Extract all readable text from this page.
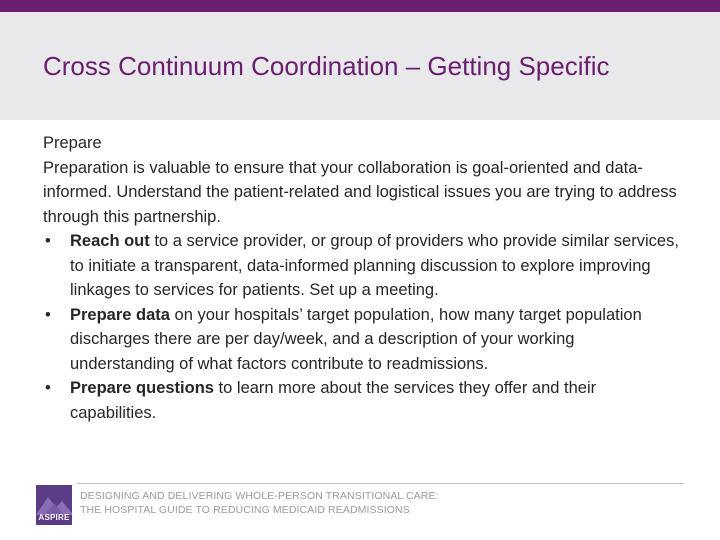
Cross Continuum Coordination – Getting Specific
Prepare

Preparation is valuable to ensure that your collaboration is goal-oriented and data-informed. Understand the patient-related and logistical issues you are trying to address through this partnership.

• Reach out to a service provider, or group of providers who provide similar services, to initiate a transparent, data-informed planning discussion to explore improving linkages to services for patients. Set up a meeting.
• Prepare data on your hospitals’ target population, how many target population discharges there are per day/week, and a description of your working understanding of what factors contribute to readmissions.
• Prepare questions to learn more about the services they offer and their capabilities.
ASPIRE
DESIGNING AND DELIVERING WHOLE-PERSON TRANSITIONAL CARE:
THE HOSPITAL GUIDE TO REDUCING MEDICAID READMISSIONS
